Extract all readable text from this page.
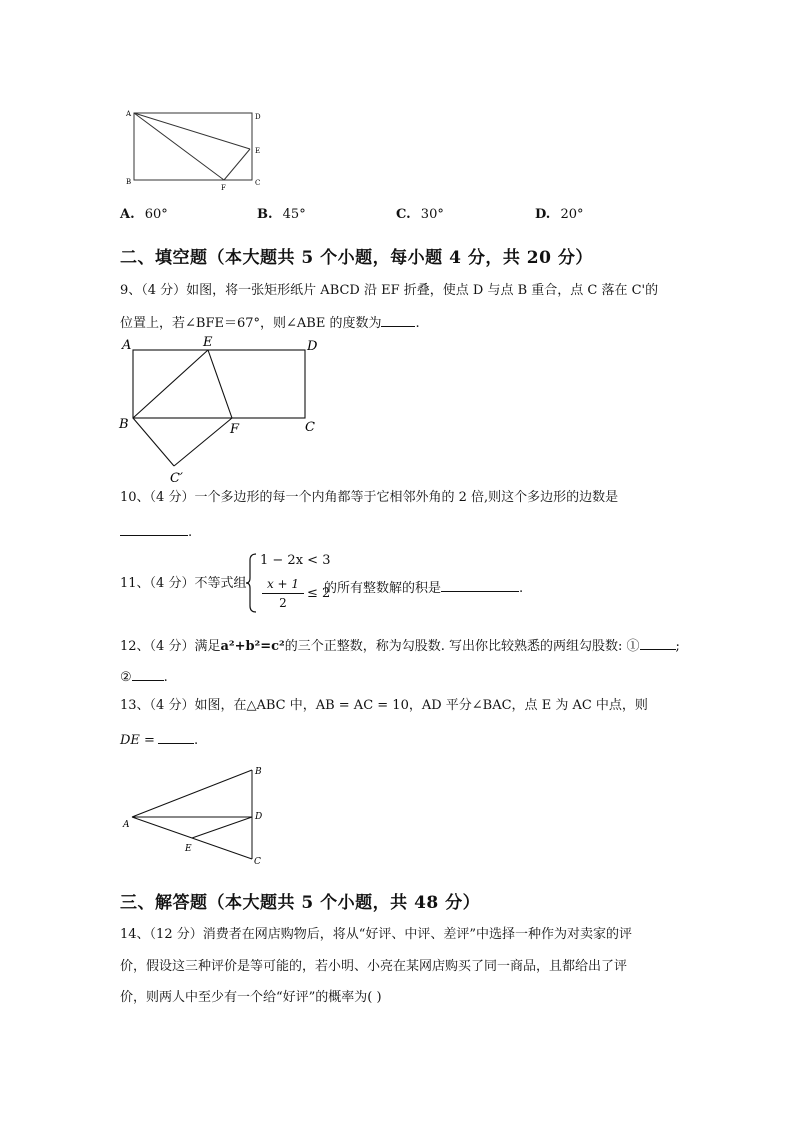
A	D
E
B
F
C
A. 60°	B. 45°	C. 30°	D. 20°
二、填空题（本大题共 5 个小题，每小题 4 分，共 20 分）
9、（4 分）如图，将一张矩形纸片 ABCD 沿 EF 折叠，使点 D 与点 B 重合，点 C 落在 C'的
位置上，若∠BFE＝67°，则∠ABE 的度数为	.
A	E	D
B	F	C
C′
10、（4 分）一个多边形的每一个内角都等于它相邻外角的 2 倍,则这个多边形的边数是
.
11、（4 分）不等式组
1 − 2x < 3
x + 1
2
≤ 2
的所有整数解的积是	.
12、（4 分）满足a²+b²=c²的三个正整数，称为勾股数. 写出你比较熟悉的两组勾股数: ①	;
② .
13、（4 分）如图，在△ABC 中，AB = AC = 10，AD 平分∠BAC，点 E 为 AC 中点，则
DE =	.
A
B
D
C
E
三、解答题（本大题共 5 个小题，共 48 分）
14、（12 分）消费者在网店购物后，将从“好评、中评、差评”中选择一种作为对卖家的评
价，假设这三种评价是等可能的，若小明、小亮在某网店购买了同一商品，且都给出了评
价，则两人中至少有一个给“好评”的概率为( )
